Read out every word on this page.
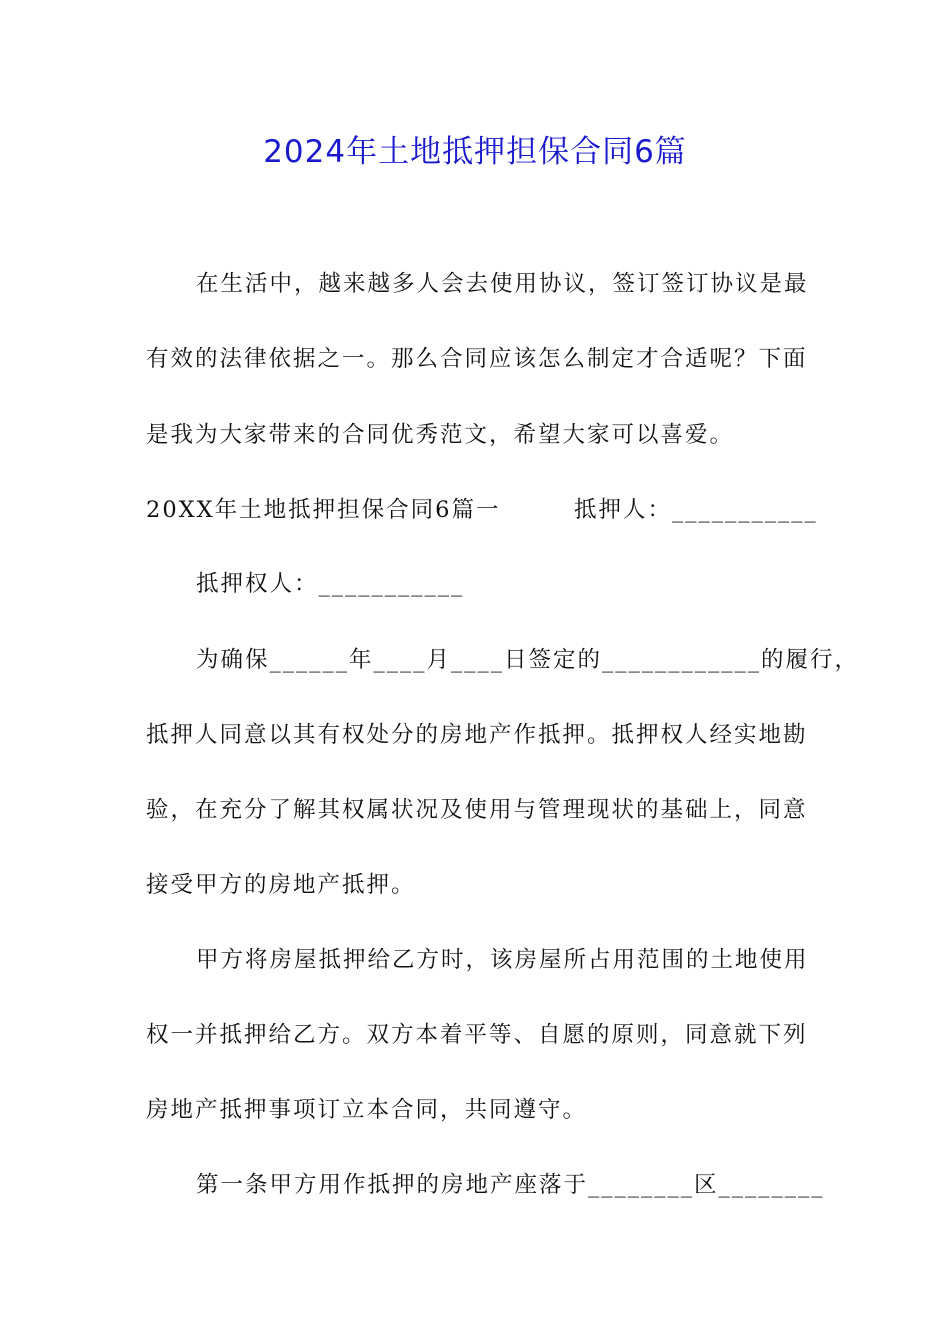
2024年土地抵押担保合同6篇
在生活中，越来越多人会去使用协议，签订签订协议是最
有效的法律依据之一。那么合同应该怎么制定才合适呢？下面
是我为大家带来的合同优秀范文，希望大家可以喜爱。
20XX年土地抵押担保合同6篇一　　　抵押人：___________
抵押权人：___________
为确保______年____月____日签定的____________的履行，
抵押人同意以其有权处分的房地产作抵押。抵押权人经实地勘
验，在充分了解其权属状况及使用与管理现状的基础上，同意
接受甲方的房地产抵押。
甲方将房屋抵押给乙方时，该房屋所占用范围的土地使用
权一并抵押给乙方。双方本着平等、自愿的原则，同意就下列
房地产抵押事项订立本合同，共同遵守。
第一条甲方用作抵押的房地产座落于________区________
